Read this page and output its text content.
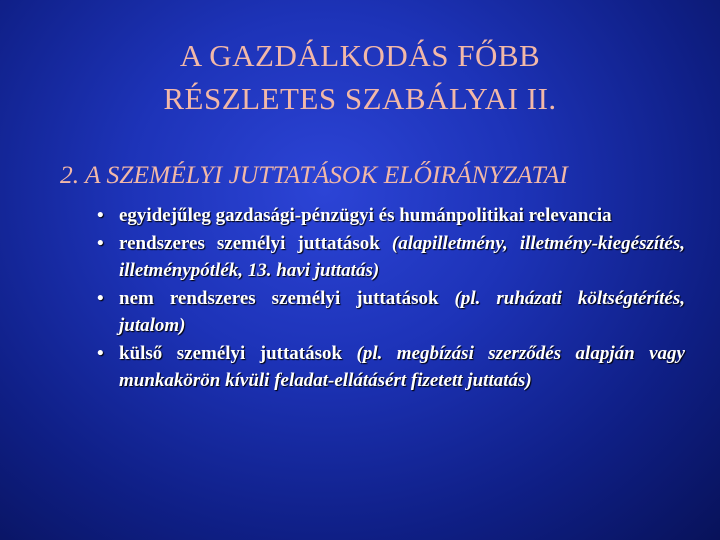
A GAZDÁLKODÁS FŐBB
RÉSZLETES SZABÁLYAI II.
2. A SZEMÉLYI JUTTATÁSOK ELŐIRÁNYZATAI
• egyidejűleg gazdasági-pénzügyi és humánpolitikai relevancia
• rendszeres személyi juttatások (alapilletmény, illetmény-kiegészítés, illetménypótlék, 13. havi juttatás)
• nem rendszeres személyi juttatások (pl. ruházati költségtérítés, jutalom)
• külső személyi juttatások (pl. megbízási szerződés alapján vagy munkakörön kívüli feladat-ellátásért fizetett juttatás)
